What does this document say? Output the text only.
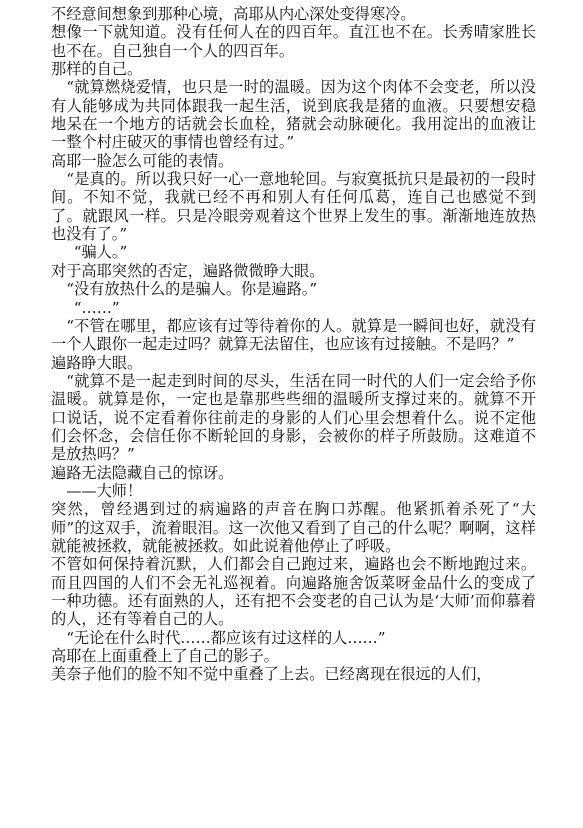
不经意间想象到那种心境，高耶从内心深处变得寒冷。

想像一下就知道。没有任何人在的四百年。直江也不在。长秀晴家胜长也不在。自己独自一个人的四百年。

那样的自己。

“就算燃烧爱情，也只是一时的温暖。因为这个肉体不会变老，所以没有人能够成为共同体跟我一起生活，说到底我是猪的血液。只要想安稳地呆在一个地方的话就会长血栓，猪就会动脉硬化。我用淀出的血液让一整个村庄破灭的事情也曾经有过。”

高耶一脸怎么可能的表情。

“是真的。所以我只好一心一意地轮回。与寂寞抵抗只是最初的一段时间。不知不觉，我就已经不再和别人有任何瓜葛，连自己也感觉不到了。就跟风一样。只是冷眼旁观着这个世界上发生的事。渐渐地连放热也没有了。”

“骗人。”

对于高耶突然的否定，遍路微微睁大眼。

“没有放热什么的是骗人。你是遍路。”

“……”

“不管在哪里，都应该有过等待着你的人。就算是一瞬间也好，就没有一个人跟你一起走过吗？就算无法留住，也应该有过接触。不是吗？”

遍路睁大眼。

“就算不是一起走到时间的尽头，生活在同一时代的人们一定会给予你温暖。就算是你，一定也是靠那些些细的温暖所支撑过来的。就算不开口说话，说不定看着你往前走的身影的人们心里会想着什么。说不定他们会怀念，会信任你不断轮回的身影，会被你的样子所鼓励。这难道不是放热吗？”

遍路无法隐藏自己的惊讶。

——大师！

突然，曾经遇到过的病遍路的声音在胸口苏醒。他紧抓着杀死了“大师”的这双手，流着眼泪。这一次他又看到了自己的什么呢？啊啊，这样就能被拯救，就能被拯救。如此说着他停止了呼吸。

不管如何保持着沉默，人们都会自己跑过来，遍路也会不断地跑过来。而且四国的人们不会无礼巡视着。向遍路施舍饭菜呀金品什么的变成了一种功德。还有面熟的人，还有把不会变老的自己认为是‘大师’而仰慕着的人，还有等着自己的人。

“无论在什么时代……都应该有过这样的人……”

高耶在上面重叠上了自己的影子。

美奈子他们的脸不知不觉中重叠了上去。已经离现在很远的人们，
